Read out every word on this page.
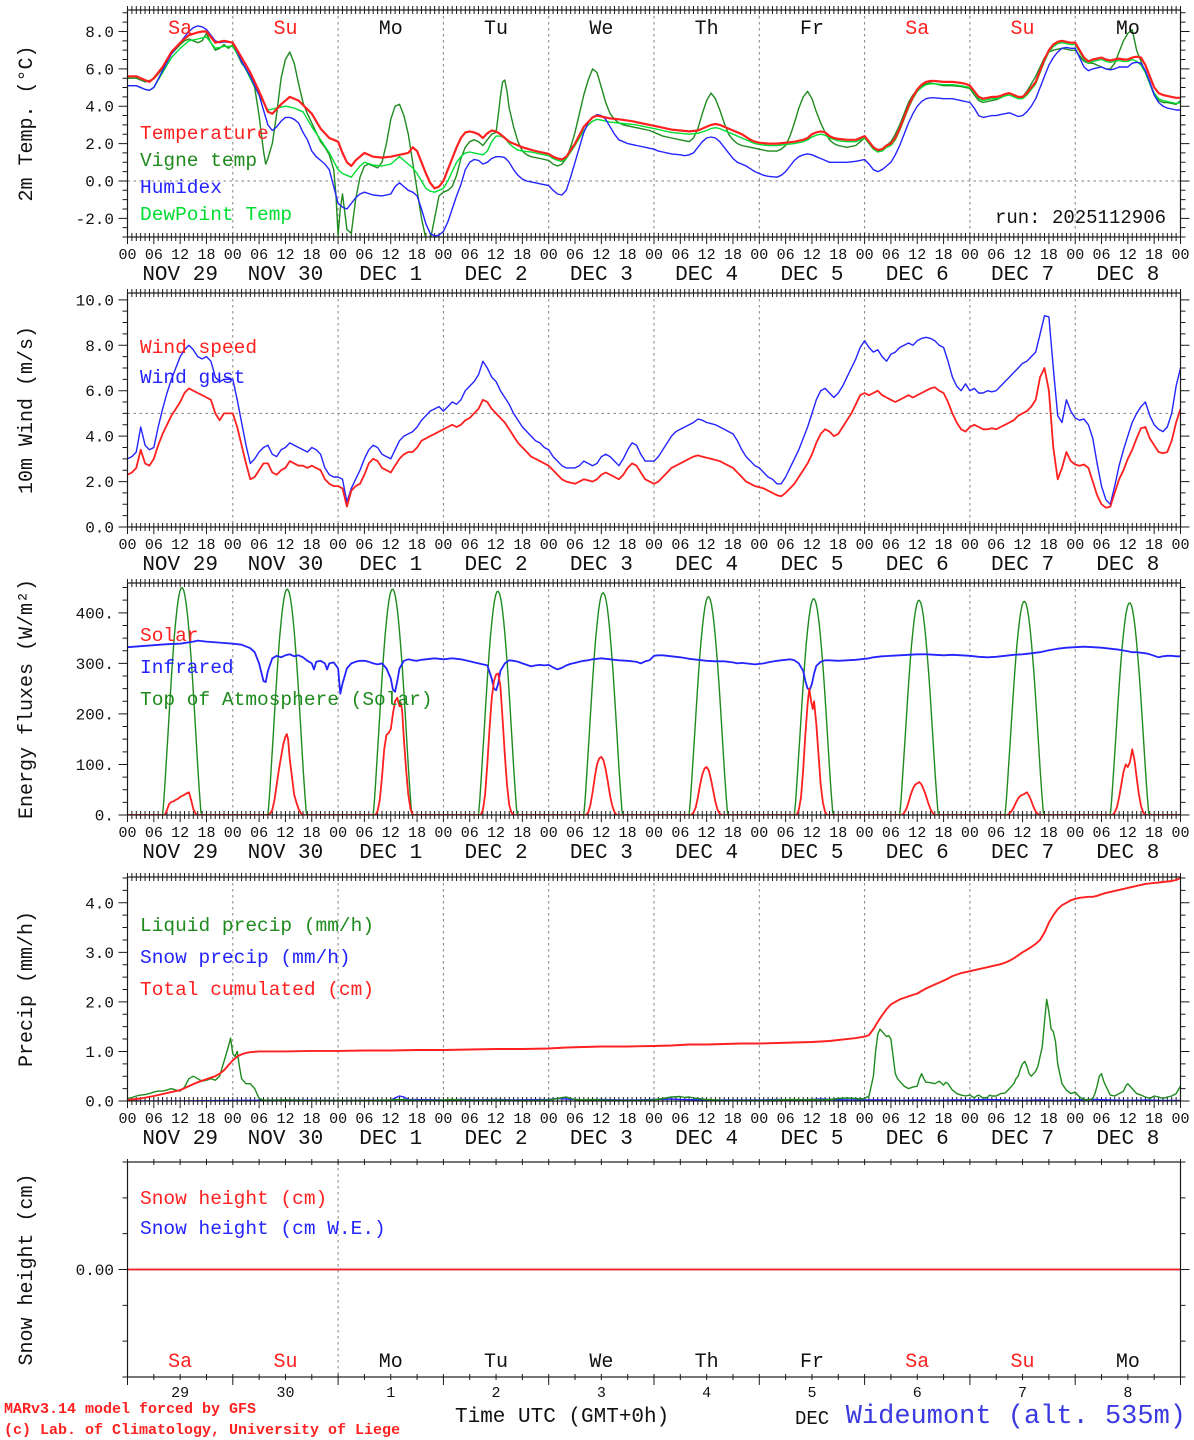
-2.0
0.0
2.0
4.0
6.0
8.0
Temperature
Vigne temp
Humidex
DewPoint Temp
2m Temp. (°C)
00 06 12 18 00 06 12 18 00 06 12 18 00 06 12 18 00 06 12 18 00 06 12 18 00 06 12 18 00 06 12 18 00 06 12 18 00 06 12 18 00
NOV 29 NOV 30 DEC 1 DEC 2 DEC 3 DEC 4 DEC 5 DEC 6 DEC 7 DEC 8
Sa	Su	Mo	Tu	We	Th	Fr	Sa	Su	Mo
run: 2025112906
0.0
2.0
4.0
6.0
8.0
10.0
Wind speed
Wind gust
10m Wind (m/s)
00 06 12 18 00 06 12 18 00 06 12 18 00 06 12 18 00 06 12 18 00 06 12 18 00 06 12 18 00 06 12 18 00 06 12 18 00 06 12 18 00
NOV 29 NOV 30 DEC 1 DEC 2 DEC 3 DEC 4 DEC 5 DEC 6 DEC 7 DEC 8
0.
100.
200.
300.
400.
Solar
Infrared
Top of Atmosphere (Solar)
Energy fluxes (W/m²)
00 06 12 18 00 06 12 18 00 06 12 18 00 06 12 18 00 06 12 18 00 06 12 18 00 06 12 18 00 06 12 18 00 06 12 18 00 06 12 18 00
NOV 29 NOV 30 DEC 1 DEC 2 DEC 3 DEC 4 DEC 5 DEC 6 DEC 7 DEC 8
0.0
1.0
2.0
3.0
4.0
Liquid precip (mm/h)
Snow precip (mm/h)
Total cumulated (cm)
Precip (mm/h)
00 06 12 18 00 06 12 18 00 06 12 18 00 06 12 18 00 06 12 18 00 06 12 18 00 06 12 18 00 06 12 18 00 06 12 18 00 06 12 18 00
NOV 29 NOV 30 DEC 1 DEC 2 DEC 3 DEC 4 DEC 5 DEC 6 DEC 7 DEC 8
0.00
Snow height (cm)
Snow height (cm W.E.)
Snow height (cm)
29	30	1	2	3	4	5	6	7	8
Sa	Su	Mo	Tu	We	Th	Fr	Sa	Su	Mo
MARv3.14 model forced by GFS
(c) Lab. of Climatology, University of Liege
Time UTC (GMT+0h)	DEC Wideumont (alt. 535m)
